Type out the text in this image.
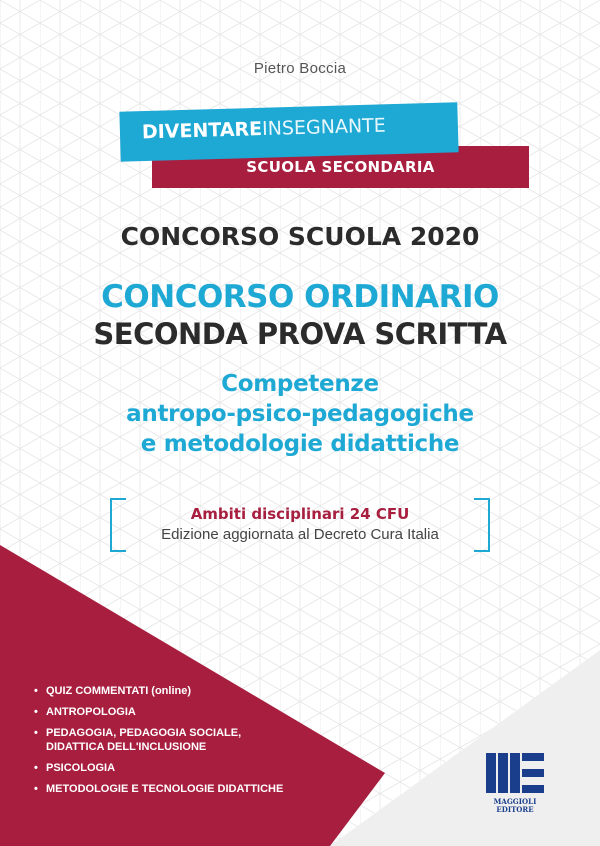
Pietro Boccia
DIVENTAREINSEGNANTE
SCUOLA SECONDARIA
CONCORSO SCUOLA 2020
CONCORSO ORDINARIO
SECONDA PROVA SCRITTA
Competenze
antropo-psico-pedagogiche
e metodologie didattiche
Ambiti disciplinari 24 CFU
Edizione aggiornata al Decreto Cura Italia
• QUIZ COMMENTATI (online)
• ANTROPOLOGIA
• PEDAGOGIA, PEDAGOGIA SOCIALE,
DIDATTICA DELL'INCLUSIONE
• PSICOLOGIA
• METODOLOGIE E TECNOLOGIE DIDATTICHE
MAGGIOLI
EDITORE
